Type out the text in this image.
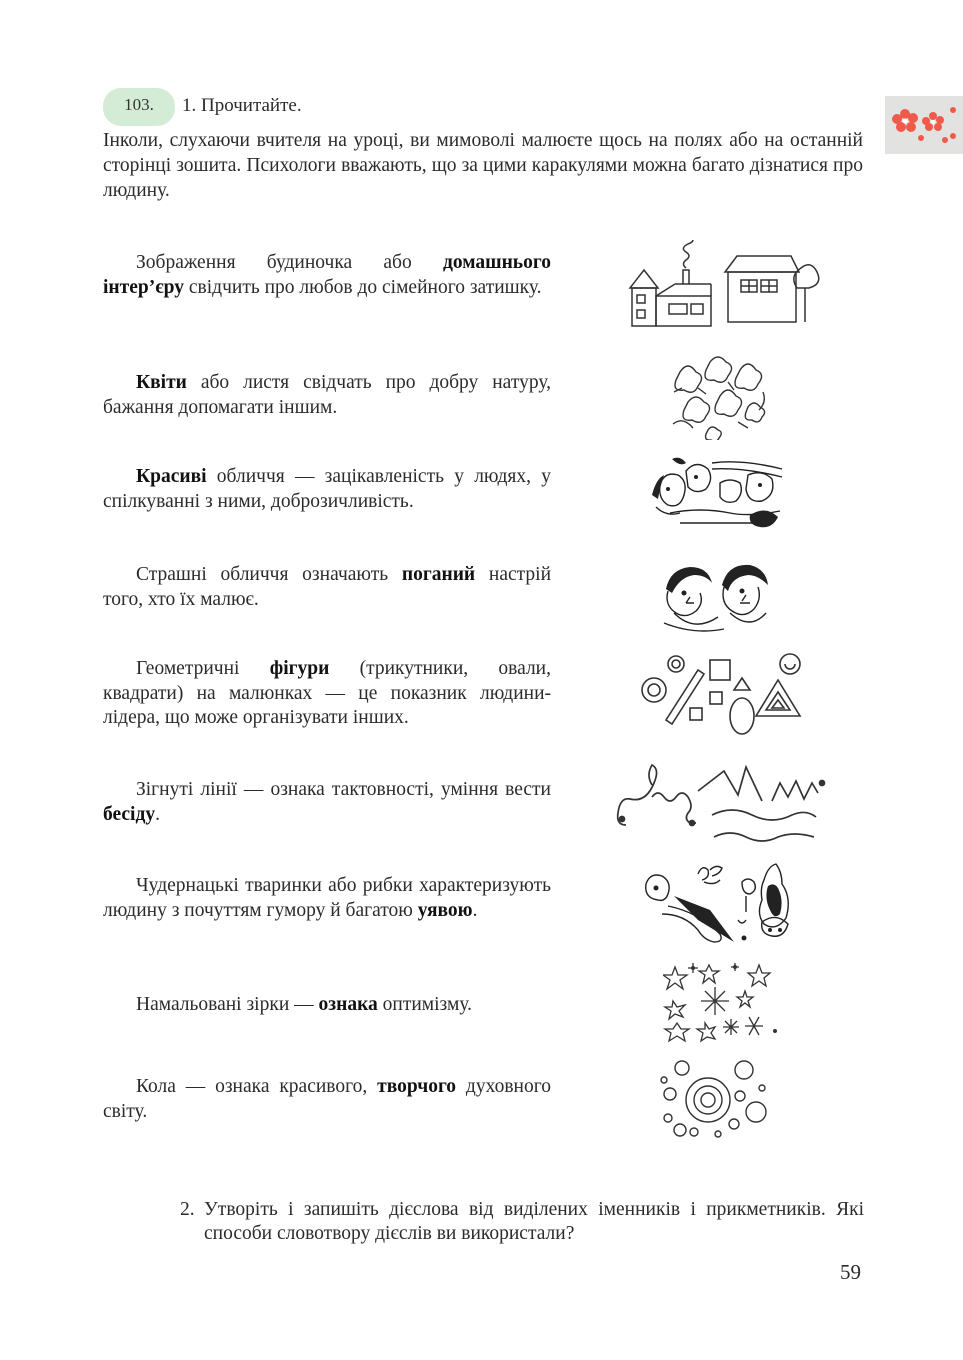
103.	1. Прочитайте.

Інколи, слухаючи вчителя на уроці, ви мимоволі малюєте щось на полях або на останній сторінці зошита. Психологи вважають, що за цими каракулями можна багато дізнатися про людину.

Зображення будиночка або домашнього інтер’єру свідчить про любов до сімейного затишку.

Квіти або листя свідчать про добру натуру, бажання допомагати іншим.

Красиві обличчя — зацікавленість у людях, у спілкуванні з ними, доброзичливість.

Страшні обличчя означають поганий настрій того, хто їх малює.

Геометричні фігури (трикутники, овали, квадрати) на малюнках — це показник людини-лідера, що може організувати інших.

Зігнуті лінії — ознака тактовності, уміння вести бесіду.

Чудернацькі тваринки або рибки характеризують людину з почуттям гумору й багатою уявою.

Намальовані зірки — ознака оптимізму.

Кола — ознака красивого, творчого духовного світу.

2. Утворіть і запишіть дієслова від виділених іменників і прикметників. Які способи словотвору дієслів ви використали?
59
